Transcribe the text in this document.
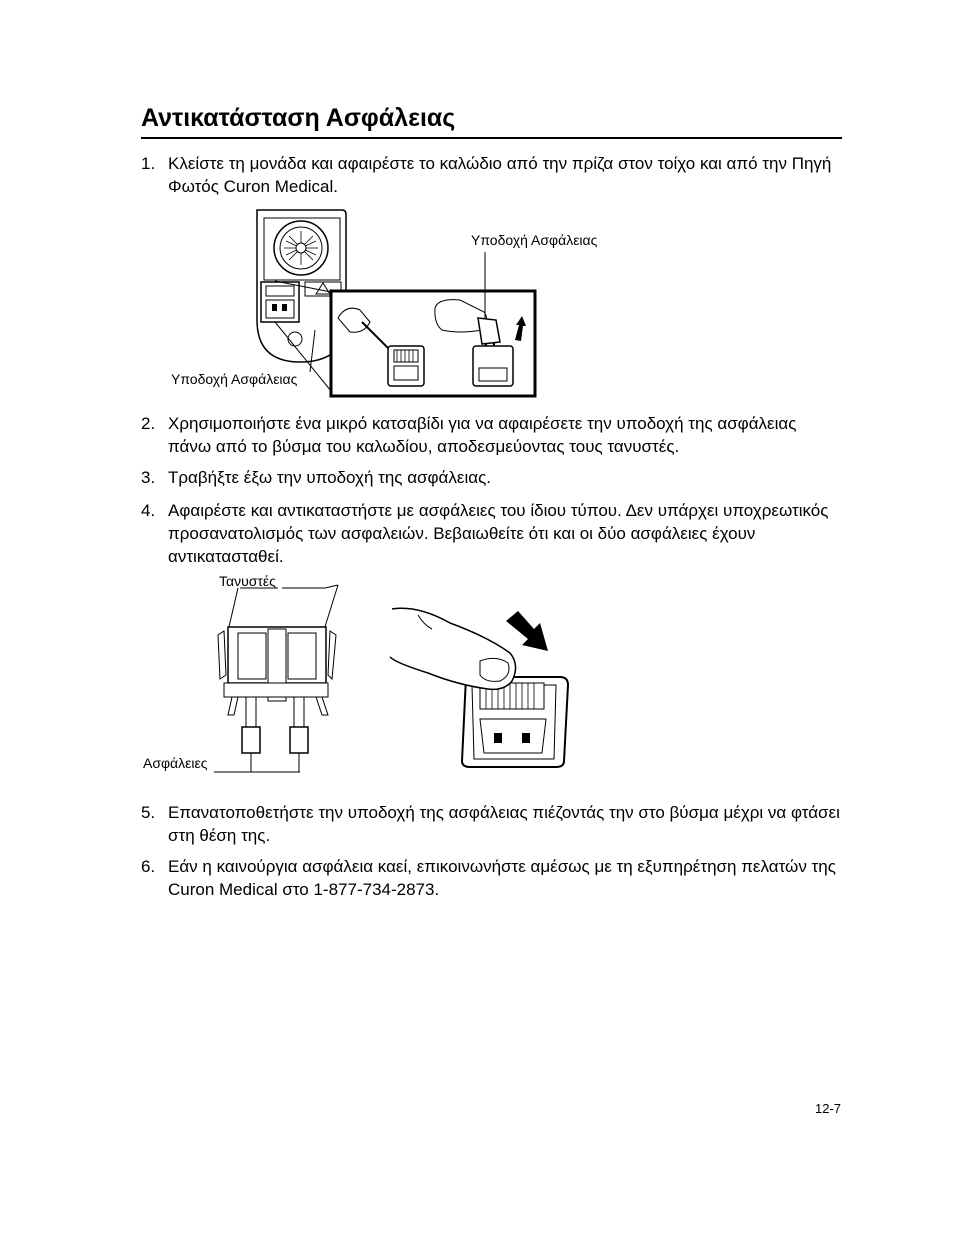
Αντικατάσταση Ασφάλειας
1. Κλείστε τη μονάδα και αφαιρέστε το καλώδιο από την πρίζα στον τοίχο και από την Πηγή Φωτός Curon Medical.
Υποδοχή Ασφάλειας
Υποδοχή Ασφάλειας
2. Χρησιμοποιήστε ένα μικρό κατσαβίδι για να αφαιρέσετε την υποδοχή της ασφάλειας πάνω από το βύσμα του καλωδίου, αποδεσμεύοντας τους τανυστές.
3. Τραβήξτε έξω την υποδοχή της ασφάλειας.
4. Αφαιρέστε και αντικαταστήστε με ασφάλειες του ίδιου τύπου. Δεν υπάρχει υποχρεωτικός προσανατολισμός των ασφαλειών. Βεβαιωθείτε ότι και οι δύο ασφάλειες έχουν αντικατασταθεί.
Τανυστές
Ασφάλειες
5. Επανατοποθετήστε την υποδοχή της ασφάλειας πιέζοντάς την στο βύσμα μέχρι να φτάσει στη θέση της.
6. Εάν η καινούργια ασφάλεια καεί, επικοινωνήστε αμέσως με τη εξυπηρέτηση πελατών της Curon Medical στο 1-877-734-2873.
12-7
